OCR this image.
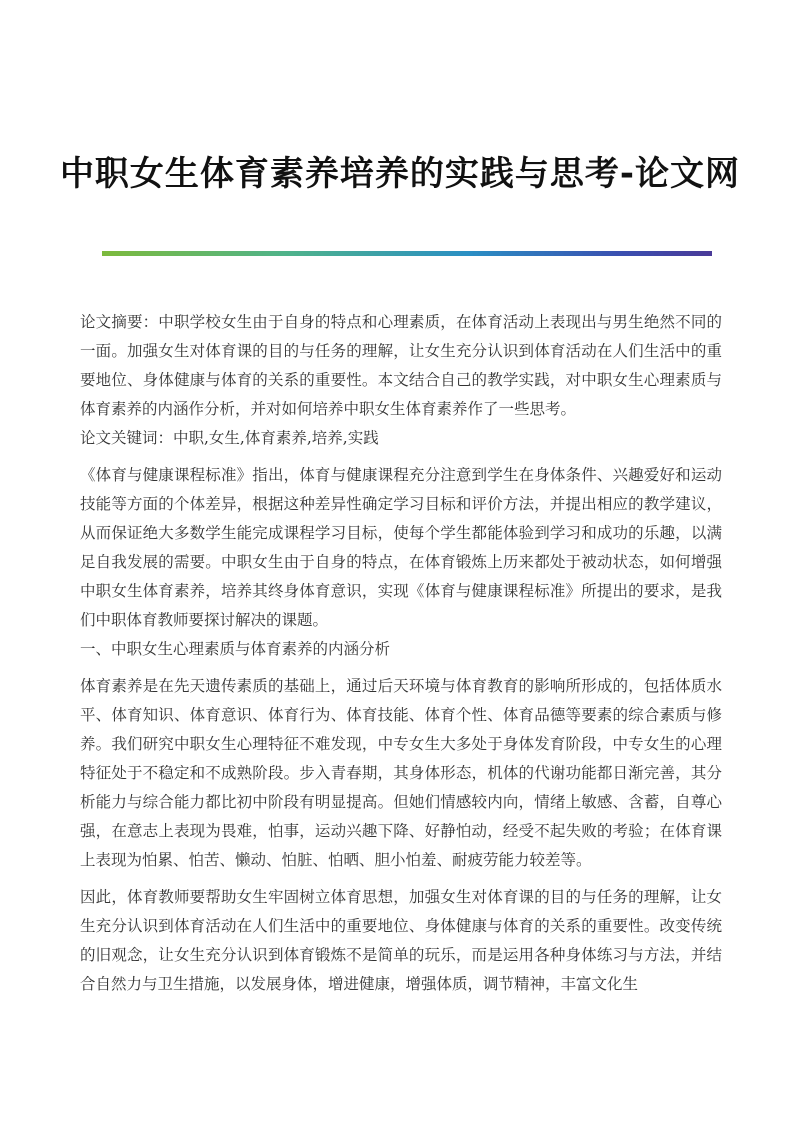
中职女生体育素养培养的实践与思考-论文网

论文摘要：中职学校女生由于自身的特点和心理素质，在体育活动上表现出与男生绝然不同的一面。加强女生对体育课的目的与任务的理解，让女生充分认识到体育活动在人们生活中的重要地位、身体健康与体育的关系的重要性。本文结合自己的教学实践，对中职女生心理素质与体育素养的内涵作分析，并对如何培养中职女生体育素养作了一些思考。

论文关键词：中职,女生,体育素养,培养,实践

《体育与健康课程标准》指出，体育与健康课程充分注意到学生在身体条件、兴趣爱好和运动技能等方面的个体差异，根据这种差异性确定学习目标和评价方法，并提出相应的教学建议，从而保证绝大多数学生能完成课程学习目标，使每个学生都能体验到学习和成功的乐趣，以满足自我发展的需要。中职女生由于自身的特点，在体育锻炼上历来都处于被动状态，如何增强中职女生体育素养，培养其终身体育意识，实现《体育与健康课程标准》所提出的要求，是我们中职体育教师要探讨解决的课题。

一、中职女生心理素质与体育素养的内涵分析

体育素养是在先天遗传素质的基础上，通过后天环境与体育教育的影响所形成的，包括体质水平、体育知识、体育意识、体育行为、体育技能、体育个性、体育品德等要素的综合素质与修养。我们研究中职女生心理特征不难发现，中专女生大多处于身体发育阶段，中专女生的心理特征处于不稳定和不成熟阶段。步入青春期，其身体形态，机体的代谢功能都日渐完善，其分析能力与综合能力都比初中阶段有明显提高。但她们情感较内向，情绪上敏感、含蓄，自尊心强，在意志上表现为畏难，怕事，运动兴趣下降、好静怕动，经受不起失败的考验；在体育课上表现为怕累、怕苦、懒动、怕脏、怕晒、胆小怕羞、耐疲劳能力较差等。

因此，体育教师要帮助女生牢固树立体育思想，加强女生对体育课的目的与任务的理解，让女生充分认识到体育活动在人们生活中的重要地位、身体健康与体育的关系的重要性。改变传统的旧观念，让女生充分认识到体育锻炼不是简单的玩乐，而是运用各种身体练习与方法，并结合自然力与卫生措施，以发展身体，增进健康，增强体质，调节精神，丰富文化生
